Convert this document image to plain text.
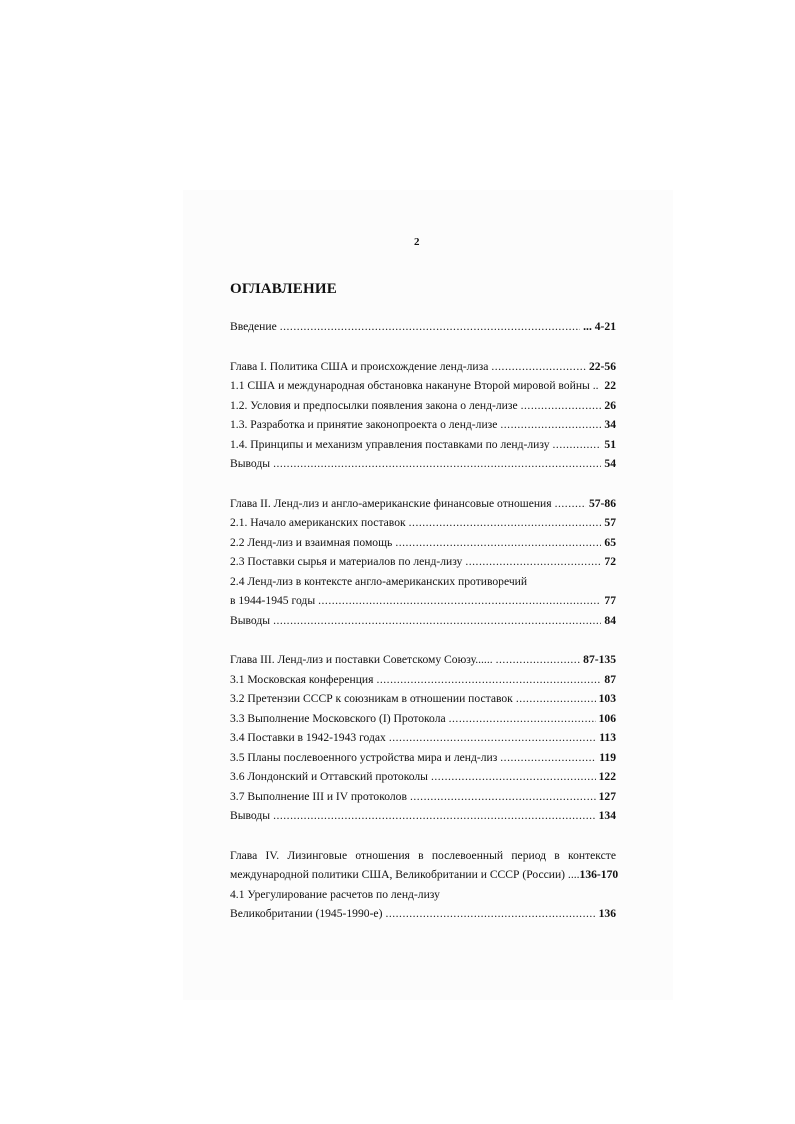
2
ОГЛАВЛЕНИЕ
Введение .....	... 4-21
Глава I. Политика США и происхождение ленд-лиза .....	22-56
1.1 США и международная обстановка накануне Второй мировой войны .. 22
1.2. Условия и предпосылки появления закона о ленд-лизе .....	26
1.3. Разработка и принятие законопроекта о ленд-лизе .....	34
1.4. Принципы и механизм управления поставками по ленд-лизу .....	51
Выводы .....	54
Глава II. Ленд-лиз и англо-американские финансовые отношения .....	57-86
2.1. Начало американских поставок .....	57
2.2 Ленд-лиз и взаимная помощь .....	65
2.3 Поставки сырья и материалов по ленд-лизу .....	72
2.4 Ленд-лиз в контексте англо-американских противоречий
в 1944-1945 годы .....	77
Выводы .....	84
Глава III. Ленд-лиз и поставки Советскому Союзу...... .....	87-135
3.1 Московская конференция .....	87
3.2 Претензии СССР к союзникам в отношении поставок .....	103
3.3 Выполнение Московского (I) Протокола .....	106
3.4 Поставки в 1942-1943 годах .....	113
3.5 Планы послевоенного устройства мира и ленд-лиз .....	119
3.6 Лондонский и Оттавский протоколы .....	122
3.7 Выполнение III и IV протоколов .....	127
Выводы .....	134
Глава IV. Лизинговые отношения в послевоенный период в контексте
международной политики США, Великобритании и СССР (России) .... 136-170
4.1 Урегулирование расчетов по ленд-лизу
Великобритании (1945-1990-е) .....	136
